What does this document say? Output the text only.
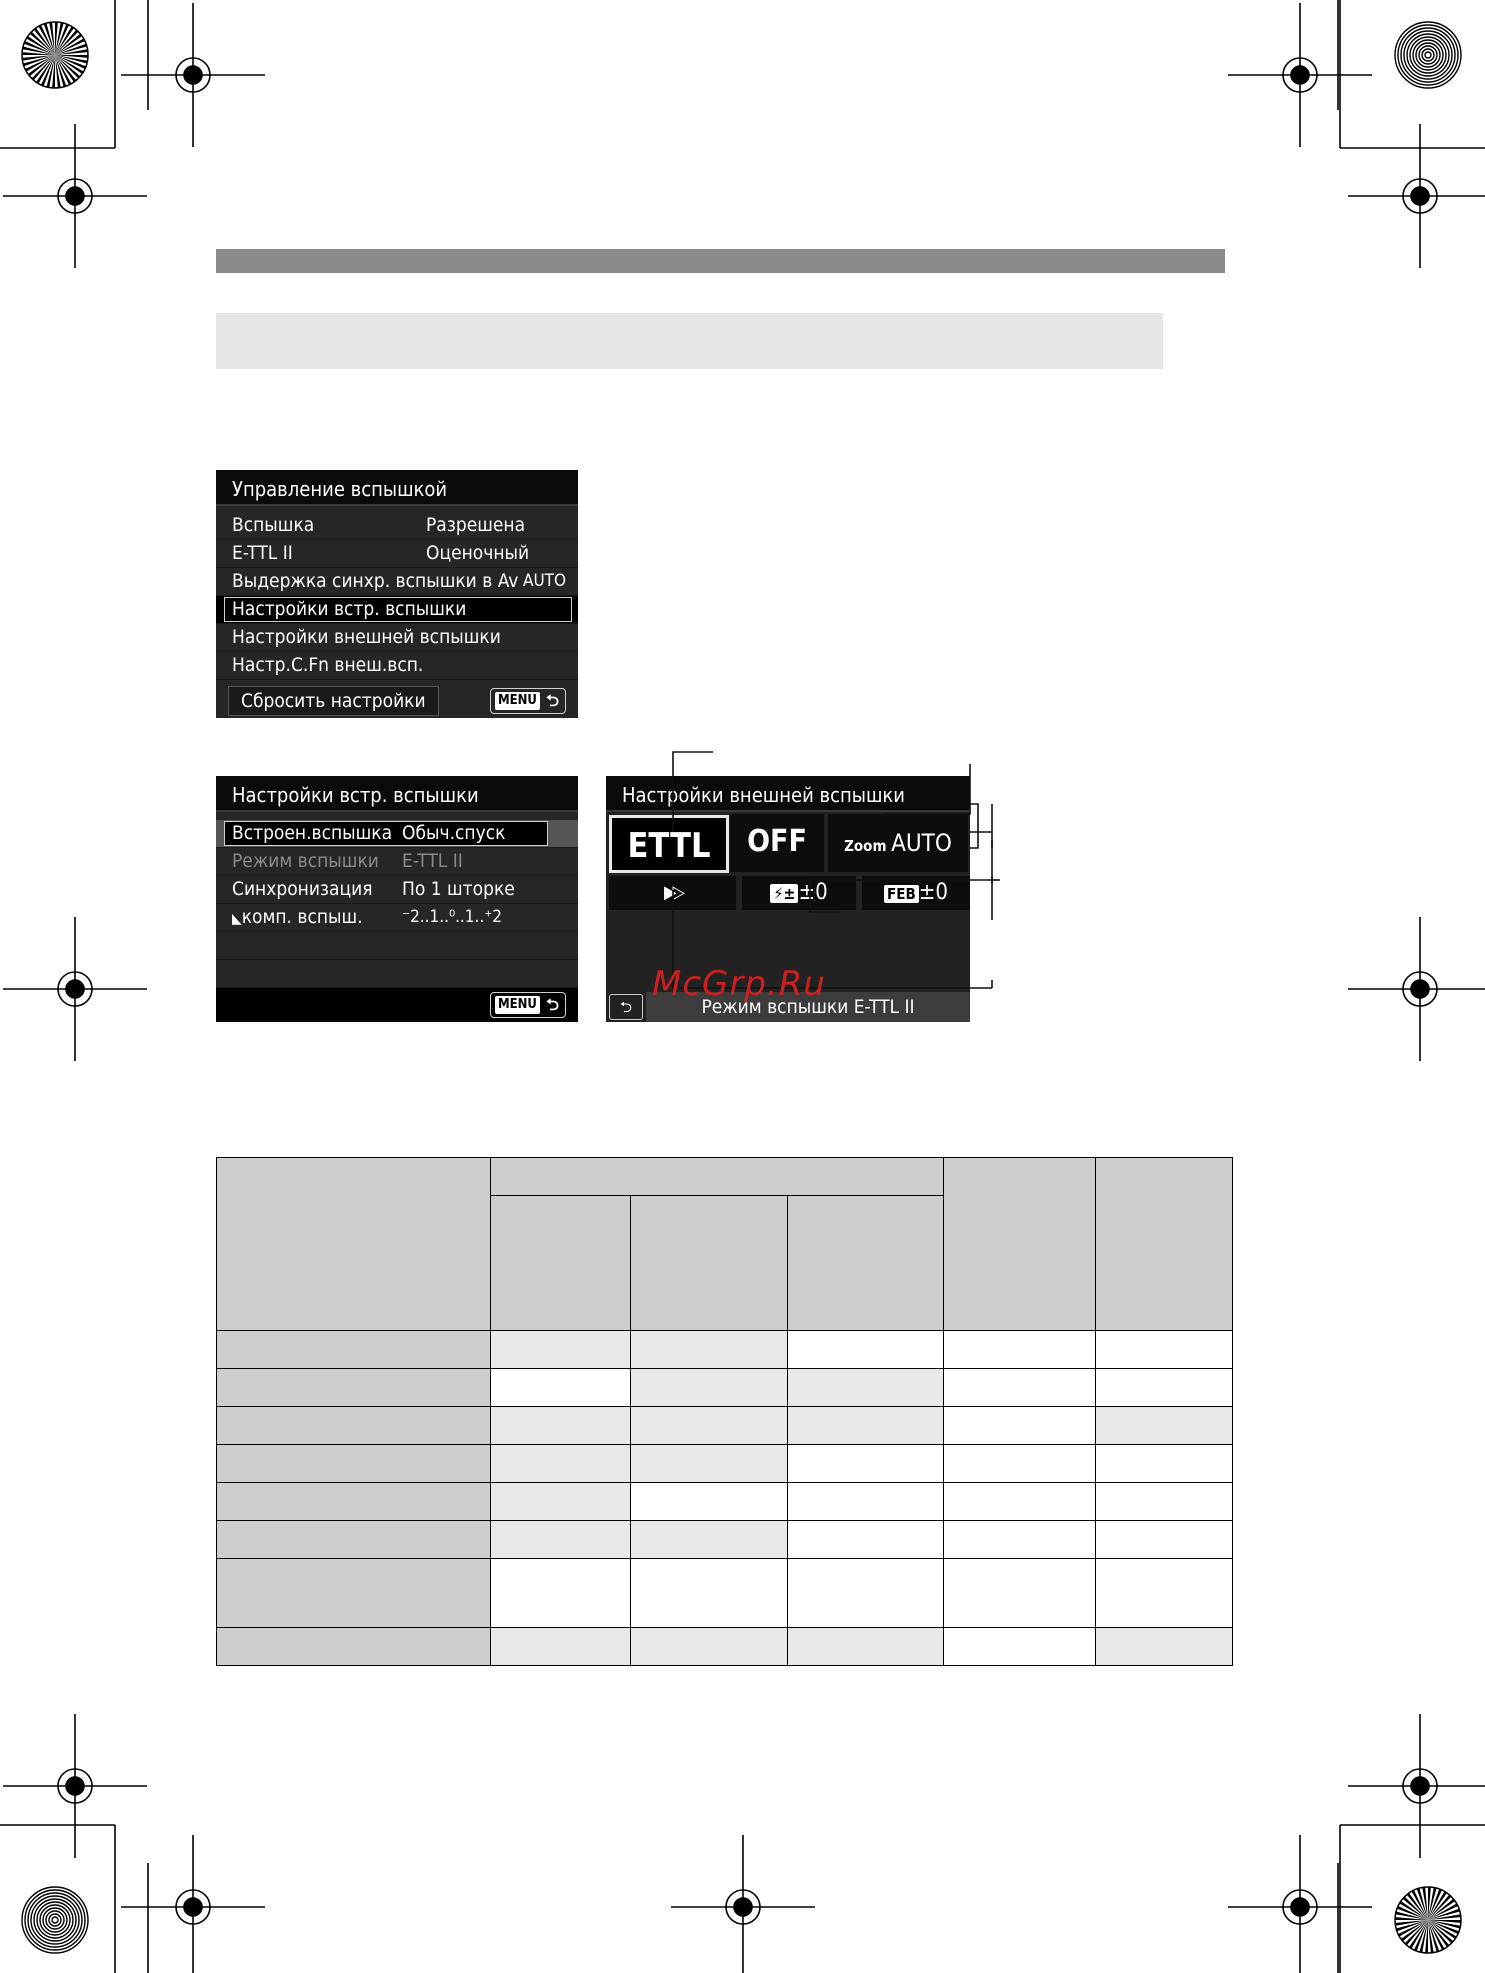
Управление вспышкой
Вспышка	Разрешена
E-TTL II	Оценочный
Выдержка синхр. вспышки в Av AUTO
Настройки встр. вспышки
Настройки внешней вспышки
Настр.C.Fn внеш.всп.
Сбросить настройки	MENU ⮌
Настройки встр. вспышки
Встроен.вспышка Обыч.спуск
Режим вспышки E-TTL II
Синхронизация По 1 шторке
◣комп. вспыш. ⁻2..1..⁰..1..⁺2
MENU ⮌
Настройки внешней вспышки
ETTL	OFF	Zoom AUTO
▶▷	⚡± ±0	FEB ±0
⮌	Режим вспышки E-TTL II
McGrp.Ru
